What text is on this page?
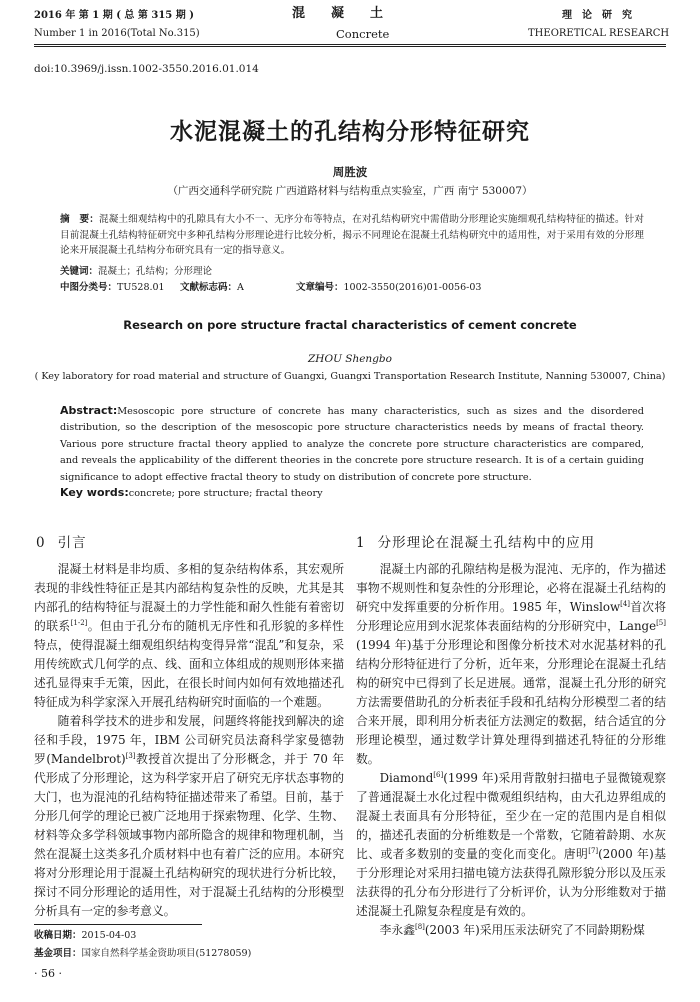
2016 年 第 1 期 ( 总 第 315 期 )
Number 1 in 2016(Total No.315)
混　　凝　　土
Concrete
理　论　研　究
THEORETICAL RESEARCH
doi:10.3969/j.issn.1002-3550.2016.01.014
水泥混凝土的孔结构分形特征研究
周胜波
（广西交通科学研究院 广西道路材料与结构重点实验室，广西 南宁 530007）
摘　要：混凝土细观结构中的孔隙具有大小不一、无序分布等特点，在对孔结构研究中需借助分形理论实施细观孔结构特征的描述。针对目前混凝土孔结构特征研究中多种孔结构分形理论进行比较分析，揭示不同理论在混凝土孔结构研究中的适用性，对于采用有效的分形理论来开展混凝土孔结构分布研究具有一定的指导意义。
关键词：混凝土；孔结构；分形理论
中图分类号：TU528.01 文献标志码：A	文章编号：1002-3550(2016)01-0056-03
Research on pore structure fractal characteristics of cement concrete
ZHOU Shengbo
( Key laboratory for road material and structure of Guangxi, Guangxi Transportation Research Institute, Nanning 530007, China)
Abstract:Mesoscopic pore structure of concrete has many characteristics, such as sizes and the disordered distribution, so the description of the mesoscopic pore structure characteristics needs by means of fractal theory. Various pore structure fractal theory applied to analyze the concrete pore structure characteristics are compared, and reveals the applicability of the different theories in the concrete pore structure research. It is of a certain guiding significance to adopt effective fractal theory to study on distribution of concrete pore structure.
Key words:concrete; pore structure; fractal theory
0 引言

混凝土材料是非均质、多相的复杂结构体系，其宏观所表现的非线性特征正是其内部结构复杂性的反映，尤其是其内部孔的结构特征与混凝土的力学性能和耐久性能有着密切的联系[1-2]。但由于孔分布的随机无序性和孔形貌的多样性特点，使得混凝土细观组织结构变得异常“混乱”和复杂，采用传统欧式几何学的点、线、面和立体组成的规则形体来描述孔显得束手无策，因此，在很长时间内如何有效地描述孔特征成为科学家深入开展孔结构研究时面临的一个难题。

随着科学技术的进步和发展，问题终将能找到解决的途径和手段，1975 年，IBM 公司研究员法裔科学家曼德勃罗(Mandelbrot)[3]教授首次提出了分形概念，并于 70 年代形成了分形理论，这为科学家开启了研究无序状态事物的大门，也为混沌的孔结构特征描述带来了希望。目前，基于分形几何学的理论已被广泛地用于探索物理、化学、生物、材料等众多学科领域事物内部所隐含的规律和物理机制，当然在混凝土这类多孔介质材料中也有着广泛的应用。本研究将对分形理论用于混凝土孔结构研究的现状进行分析比较，探讨不同分形理论的适用性，对于混凝土孔结构的分形模型分析具有一定的参考意义。

收稿日期：2015-04-03
基金项目：国家自然科学基金资助项目(51278059)
· 56 ·
1 分形理论在混凝土孔结构中的应用

混凝土内部的孔隙结构是极为混沌、无序的，作为描述事物不规则性和复杂性的分形理论，必将在混凝土孔结构的研究中发挥重要的分析作用。1985 年，Winslow[4]首次将分形理论应用到水泥浆体表面结构的分形研究中，Lange[5](1994 年)基于分形理论和图像分析技术对水泥基材料的孔结构分形特征进行了分析，近年来，分形理论在混凝土孔结构的研究中已得到了长足进展。通常，混凝土孔分形的研究方法需要借助孔的分析表征手段和孔结构分形模型二者的结合来开展，即利用分析表征方法测定的数据，结合适宜的分形理论模型，通过数学计算处理得到描述孔特征的分形维数。

Diamond[6](1999 年)采用背散射扫描电子显微镜观察了普通混凝土水化过程中微观组织结构，由大孔边界组成的混凝土表面具有分形特征，至少在一定的范围内是自相似的，描述孔表面的分析维数是一个常数，它随着龄期、水灰比、或者多数别的变量的变化而变化。唐明[7](2000 年)基于分形理论对采用扫描电镜方法获得孔隙形貌分形以及压汞法获得的孔分布分形进行了分析评价，认为分形维数对于描述混凝土孔隙复杂程度是有效的。

李永鑫[8](2003 年)采用压汞法研究了不同龄期粉煤
